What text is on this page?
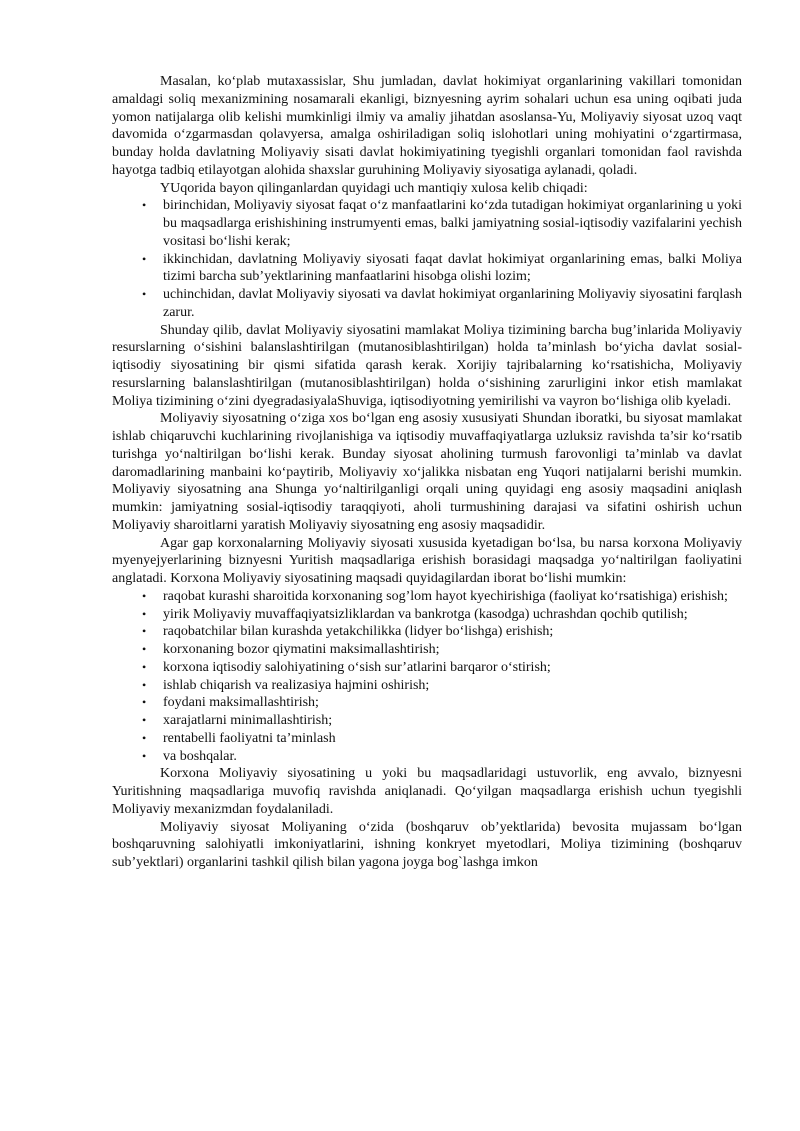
Masalan, ko‘plab mutaxassislar, Shu jumladan, davlat hokimiyat organlarining vakillari tomonidan amaldagi soliq mexanizmining nosamarali ekanligi, biznyesning ayrim sohalari uchun esa uning oqibati juda yomon natijalarga olib kelishi mumkinligi ilmiy va amaliy jihatdan asoslansa-Yu, Moliyaviy siyosat uzoq vaqt davomida o‘zgarmasdan qolavyersa, amalga oshiriladigan soliq islohotlari uning mohiyatini o‘zgartirmasa, bunday holda davlatning Moliyaviy sisati davlat hokimiyatining tyegishli organlari tomonidan faol ravishda hayotga tadbiq etilayotgan alohida shaxslar guruhining Moliyaviy siyosatiga aylanadi, qoladi.

YUqorida bayon qilinganlardan quyidagi uch mantiqiy xulosa kelib chiqadi:

• birinchidan, Moliyaviy siyosat faqat o‘z manfaatlarini ko‘zda tutadigan hokimiyat organlarining u yoki bu maqsadlarga erishishining instrumyenti emas, balki jamiyatning sosial-iqtisodiy vazifalarini yechish vositasi bo‘lishi kerak;
• ikkinchidan, davlatning Moliyaviy siyosati faqat davlat hokimiyat organlarining emas, balki Moliya tizimi barcha sub’yektlarining manfaatlarini hisobga olishi lozim;
• uchinchidan, davlat Moliyaviy siyosati va davlat hokimiyat organlarining Moliyaviy siyosatini farqlash zarur.

Shunday qilib, davlat Moliyaviy siyosatini mamlakat Moliya tizimining barcha bug’inlarida Moliyaviy resurslarning o‘sishini balanslashtirilgan (mutanosiblashtirilgan) holda ta’minlash bo‘yicha davlat sosial-iqtisodiy siyosatining bir qismi sifatida qarash kerak. Xorijiy tajribalarning ko‘rsatishicha, Moliyaviy resurslarning balanslashtirilgan (mutanosiblashtirilgan) holda o‘sishining zarurligini inkor etish mamlakat Moliya tizimining o‘zini dyegradasiyalaShuviga, iqtisodiyotning yemirilishi va vayron bo‘lishiga olib kyeladi.

Moliyaviy siyosatning o‘ziga xos bo‘lgan eng asosiy xususiyati Shundan iboratki, bu siyosat mamlakat ishlab chiqaruvchi kuchlarining rivojlanishiga va iqtisodiy muvaffaqiyatlarga uzluksiz ravishda ta’sir ko‘rsatib turishga yo‘naltirilgan bo‘lishi kerak. Bunday siyosat aholining turmush farovonligi ta’minlab va davlat daromadlarining manbaini ko‘paytirib, Moliyaviy xo‘jalikka nisbatan eng Yuqori natijalarni berishi mumkin. Moliyaviy siyosatning ana Shunga yo‘naltirilganligi orqali uning quyidagi eng asosiy maqsadini aniqlash mumkin: jamiyatning sosial-iqtisodiy taraqqiyoti, aholi turmushining darajasi va sifatini oshirish uchun Moliyaviy sharoitlarni yaratish Moliyaviy siyosatning eng asosiy maqsadidir.

Agar gap korxonalarning Moliyaviy siyosati xususida kyetadigan bo‘lsa, bu narsa korxona Moliyaviy myenyejyerlarining biznyesni Yuritish maqsadlariga erishish borasidagi maqsadga yo‘naltirilgan faoliyatini anglatadi. Korxona Moliyaviy siyosatining maqsadi quyidagilardan iborat bo‘lishi mumkin:

• raqobat kurashi sharoitida korxonaning sog’lom hayot kyechirishiga (faoliyat ko‘rsatishiga) erishish;
• yirik Moliyaviy muvaffaqiyatsizliklardan va bankrotga (kasodga) uchrashdan qochib qutilish;
• raqobatchilar bilan kurashda yetakchilikka (lidyer bo‘lishga) erishish;
• korxonaning bozor qiymatini maksimallashtirish;
• korxona iqtisodiy salohiyatining o‘sish sur’atlarini barqaror o‘stirish;
• ishlab chiqarish va realizasiya hajmini oshirish;
• foydani maksimallashtirish;
• xarajatlarni minimallashtirish;
• rentabelli faoliyatni ta’minlash
• va boshqalar.

Korxona Moliyaviy siyosatining u yoki bu maqsadlaridagi ustuvorlik, eng avvalo, biznyesni Yuritishning maqsadlariga muvofiq ravishda aniqlanadi. Qo‘yilgan maqsadlarga erishish uchun tyegishli Moliyaviy mexanizmdan foydalaniladi.

Moliyaviy siyosat Moliyaning o‘zida (boshqaruv ob’yektlarida) bevosita mujassam bo‘lgan boshqaruvning salohiyatli imkoniyatlarini, ishning konkryet myetodlari, Moliya tizimining (boshqaruv sub’yektlari) organlarini tashkil qilish bilan yagona joyga bog`lashga imkon
